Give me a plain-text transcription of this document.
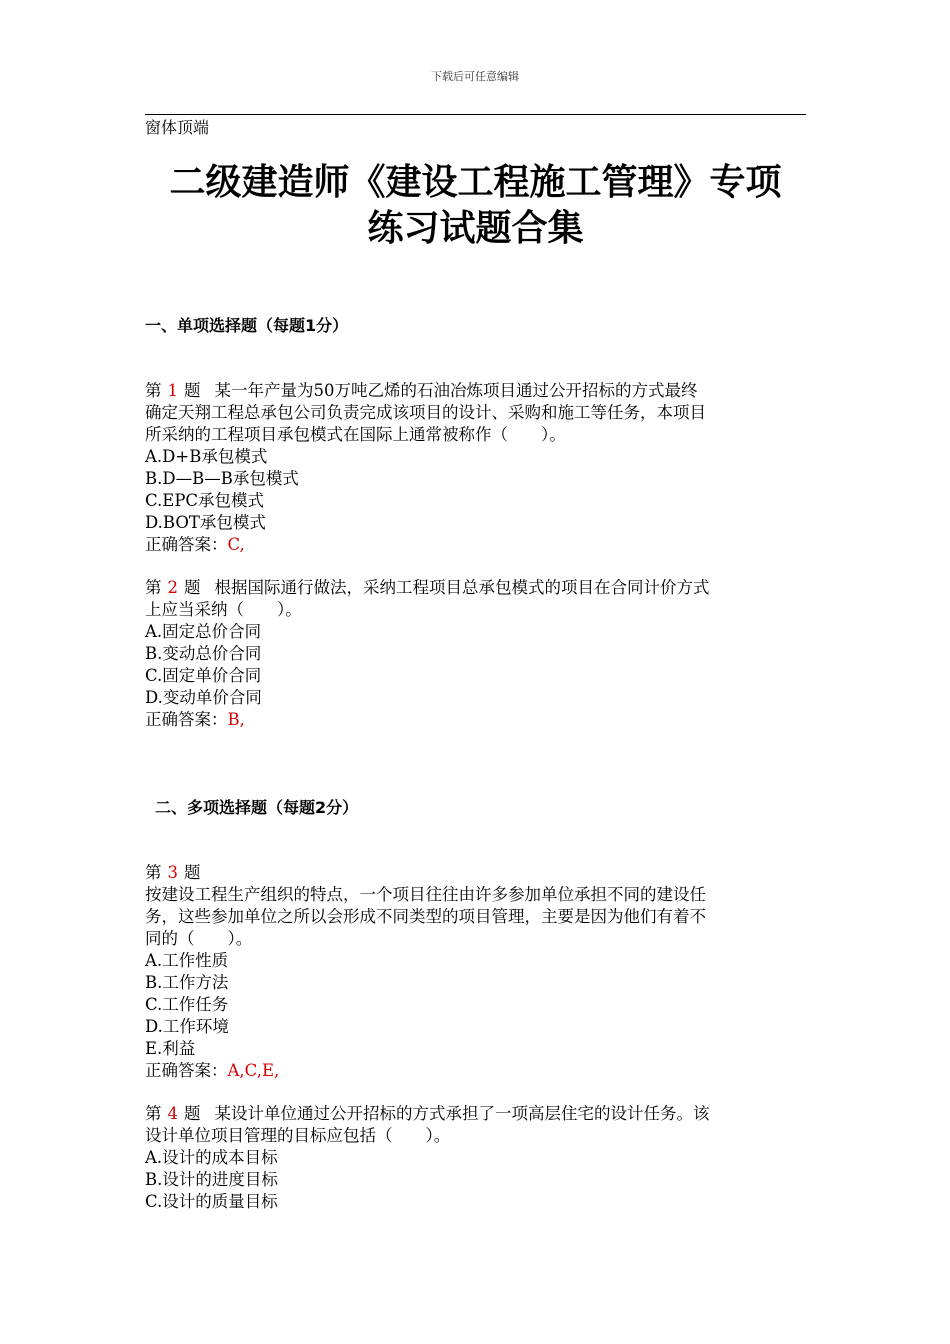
下载后可任意编辑
窗体顶端
二级建造师《建设工程施工管理》专项
练习试题合集
一、单项选择题（每题1分）
第 1 题 某一年产量为50万吨乙烯的石油冶炼项目通过公开招标的方式最终
确定天翔工程总承包公司负责完成该项目的设计、采购和施工等任务，本项目
所采纳的工程项目承包模式在国际上通常被称作（　　）。
A.D+B承包模式
B.D—B—B承包模式
C.EPC承包模式
D.BOT承包模式
正确答案：C,
第 2 题 根据国际通行做法，采纳工程项目总承包模式的项目在合同计价方式
上应当采纳（　　）。
A.固定总价合同
B.变动总价合同
C.固定单价合同
D.变动单价合同
正确答案：B,
二、多项选择题（每题2分）
第 3 题
按建设工程生产组织的特点，一个项目往往由许多参加单位承担不同的建设任
务，这些参加单位之所以会形成不同类型的项目管理，主要是因为他们有着不
同的（　　）。
A.工作性质
B.工作方法
C.工作任务
D.工作环境
E.利益
正确答案：A,C,E,
第 4 题 某设计单位通过公开招标的方式承担了一项高层住宅的设计任务。该
设计单位项目管理的目标应包括（　　）。
A.设计的成本目标
B.设计的进度目标
C.设计的质量目标
